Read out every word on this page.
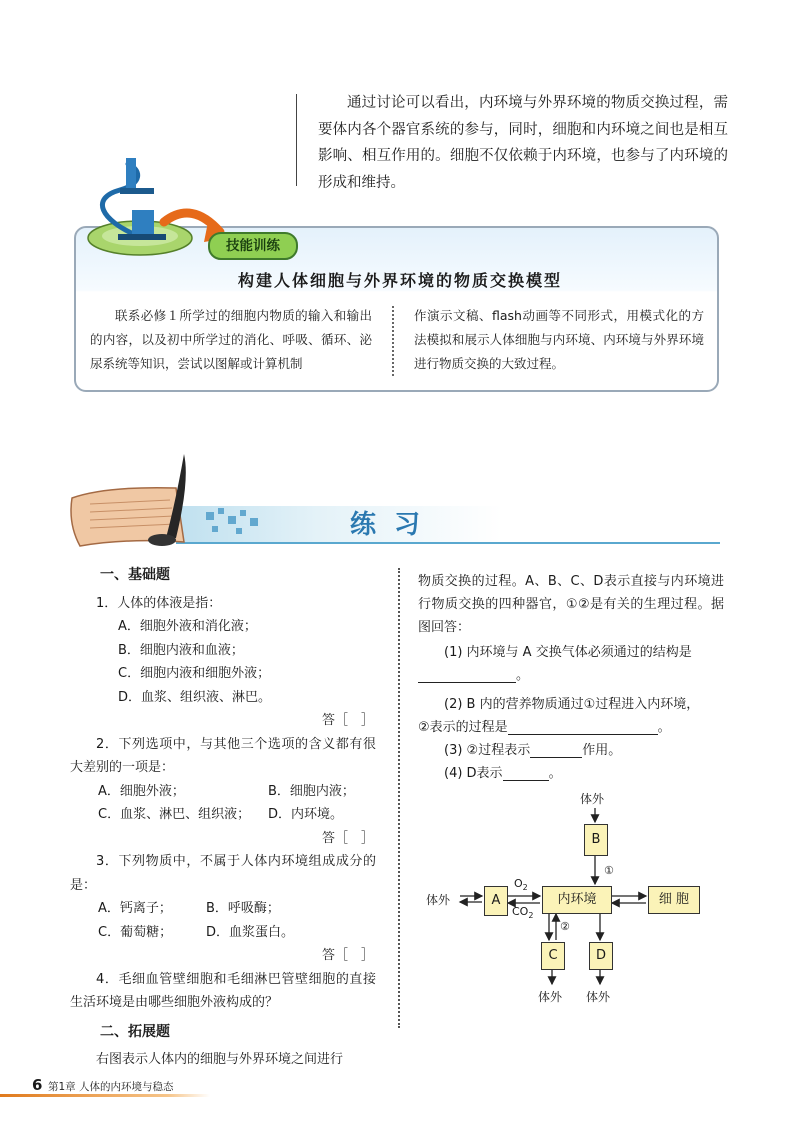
通过讨论可以看出，内环境与外界环境的物质交换过程，需要体内各个器官系统的参与，同时，细胞和内环境之间也是相互影响、相互作用的。细胞不仅依赖于内环境，也参与了内环境的形成和维持。
技能训练
构建人体细胞与外界环境的物质交换模型
联系必修１所学过的细胞内物质的输入和输出的内容，以及初中所学过的消化、呼吸、循环、泌尿系统等知识，尝试以图解或计算机制
作演示文稿、flash动画等不同形式，用模式化的方法模拟和展示人体细胞与内环境、内环境与外界环境进行物质交换的大致过程。
练习
一、基础题
1．人体的体液是指：
A．细胞外液和消化液；
B．细胞内液和血液；
C．细胞内液和细胞外液；
D．血浆、组织液、淋巴。
答［　］
2．下列选项中，与其他三个选项的含义都有很大差别的一项是：
A．细胞外液；	B．细胞内液；
C．血浆、淋巴、组织液；	D．内环境。
答［　］
3．下列物质中，不属于人体内环境组成成分的是：
A．钙离子；	B．呼吸酶；
C．葡萄糖；	D．血浆蛋白。
答［　］
4．毛细血管壁细胞和毛细淋巴管壁细胞的直接生活环境是由哪些细胞外液构成的？
二、拓展题
右图表示人体内的细胞与外界环境之间进行
物质交换的过程。A、B、C、D表示直接与内环境进行物质交换的四种器官，①②是有关的生理过程。据图回答：
(1) 内环境与 A 交换气体必须通过的结构是
。
(2) B 内的营养物质通过①过程进入内环境，
②表示的过程是	。
(3) ②过程表示	作用。
(4) D表示	。
体外
B
①
体外	A
$O_2$
$CO_2$
内环境	细 胞
②
C	D
体外 体外
6 第1章 人体的内环境与稳态
